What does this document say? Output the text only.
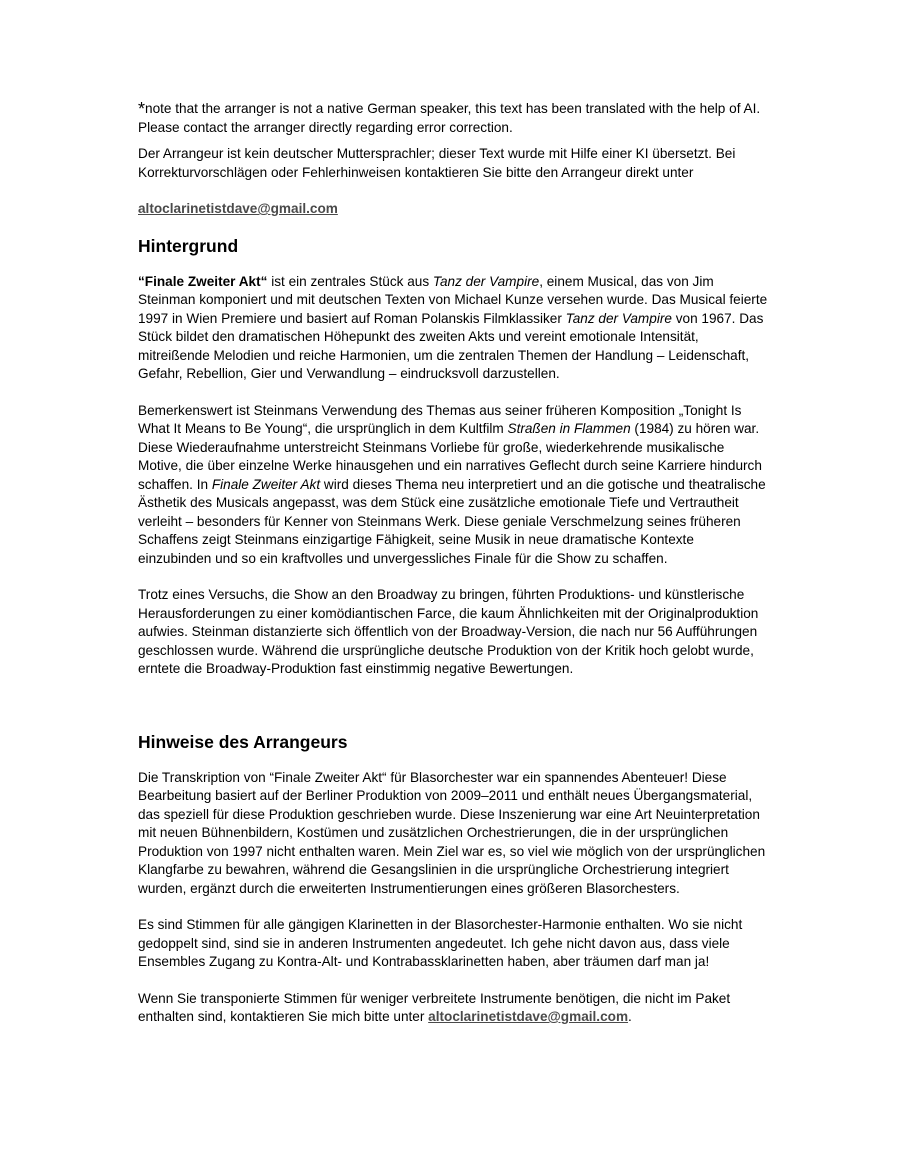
*note that the arranger is not a native German speaker, this text has been translated with the help of AI. Please contact the arranger directly regarding error correction.

Der Arrangeur ist kein deutscher Muttersprachler; dieser Text wurde mit Hilfe einer KI übersetzt. Bei Korrekturvorschlägen oder Fehlerhinweisen kontaktieren Sie bitte den Arrangeur direkt unter

altoclarinetistdave@gmail.com

Hintergrund

“Finale Zweiter Akt“ ist ein zentrales Stück aus Tanz der Vampire, einem Musical, das von Jim Steinman komponiert und mit deutschen Texten von Michael Kunze versehen wurde. Das Musical feierte 1997 in Wien Premiere und basiert auf Roman Polanskis Filmklassiker Tanz der Vampire von 1967. Das Stück bildet den dramatischen Höhepunkt des zweiten Akts und vereint emotionale Intensität, mitreißende Melodien und reiche Harmonien, um die zentralen Themen der Handlung – Leidenschaft, Gefahr, Rebellion, Gier und Verwandlung – eindrucksvoll darzustellen.

Bemerkenswert ist Steinmans Verwendung des Themas aus seiner früheren Komposition „Tonight Is What It Means to Be Young“, die ursprünglich in dem Kultfilm Straßen in Flammen (1984) zu hören war. Diese Wiederaufnahme unterstreicht Steinmans Vorliebe für große, wiederkehrende musikalische Motive, die über einzelne Werke hinausgehen und ein narratives Geflecht durch seine Karriere hindurch schaffen. In Finale Zweiter Akt wird dieses Thema neu interpretiert und an die gotische und theatralische Ästhetik des Musicals angepasst, was dem Stück eine zusätzliche emotionale Tiefe und Vertrautheit verleiht – besonders für Kenner von Steinmans Werk. Diese geniale Verschmelzung seines früheren Schaffens zeigt Steinmans einzigartige Fähigkeit, seine Musik in neue dramatische Kontexte einzubinden und so ein kraftvolles und unvergessliches Finale für die Show zu schaffen.

Trotz eines Versuchs, die Show an den Broadway zu bringen, führten Produktions- und künstlerische Herausforderungen zu einer komödiantischen Farce, die kaum Ähnlichkeiten mit der Originalproduktion aufwies. Steinman distanzierte sich öffentlich von der Broadway-Version, die nach nur 56 Aufführungen geschlossen wurde. Während die ursprüngliche deutsche Produktion von der Kritik hoch gelobt wurde, erntete die Broadway-Produktion fast einstimmig negative Bewertungen.

Hinweise des Arrangeurs

Die Transkription von “Finale Zweiter Akt“ für Blasorchester war ein spannendes Abenteuer! Diese Bearbeitung basiert auf der Berliner Produktion von 2009–2011 und enthält neues Übergangsmaterial, das speziell für diese Produktion geschrieben wurde. Diese Inszenierung war eine Art Neuinterpretation mit neuen Bühnenbildern, Kostümen und zusätzlichen Orchestrierungen, die in der ursprünglichen Produktion von 1997 nicht enthalten waren. Mein Ziel war es, so viel wie möglich von der ursprünglichen Klangfarbe zu bewahren, während die Gesangslinien in die ursprüngliche Orchestrierung integriert wurden, ergänzt durch die erweiterten Instrumentierungen eines größeren Blasorchesters.

Es sind Stimmen für alle gängigen Klarinetten in der Blasorchester-Harmonie enthalten. Wo sie nicht gedoppelt sind, sind sie in anderen Instrumenten angedeutet. Ich gehe nicht davon aus, dass viele Ensembles Zugang zu Kontra-Alt- und Kontrabassklarinetten haben, aber träumen darf man ja!

Wenn Sie transponierte Stimmen für weniger verbreitete Instrumente benötigen, die nicht im Paket enthalten sind, kontaktieren Sie mich bitte unter altoclarinetistdave@gmail.com.
